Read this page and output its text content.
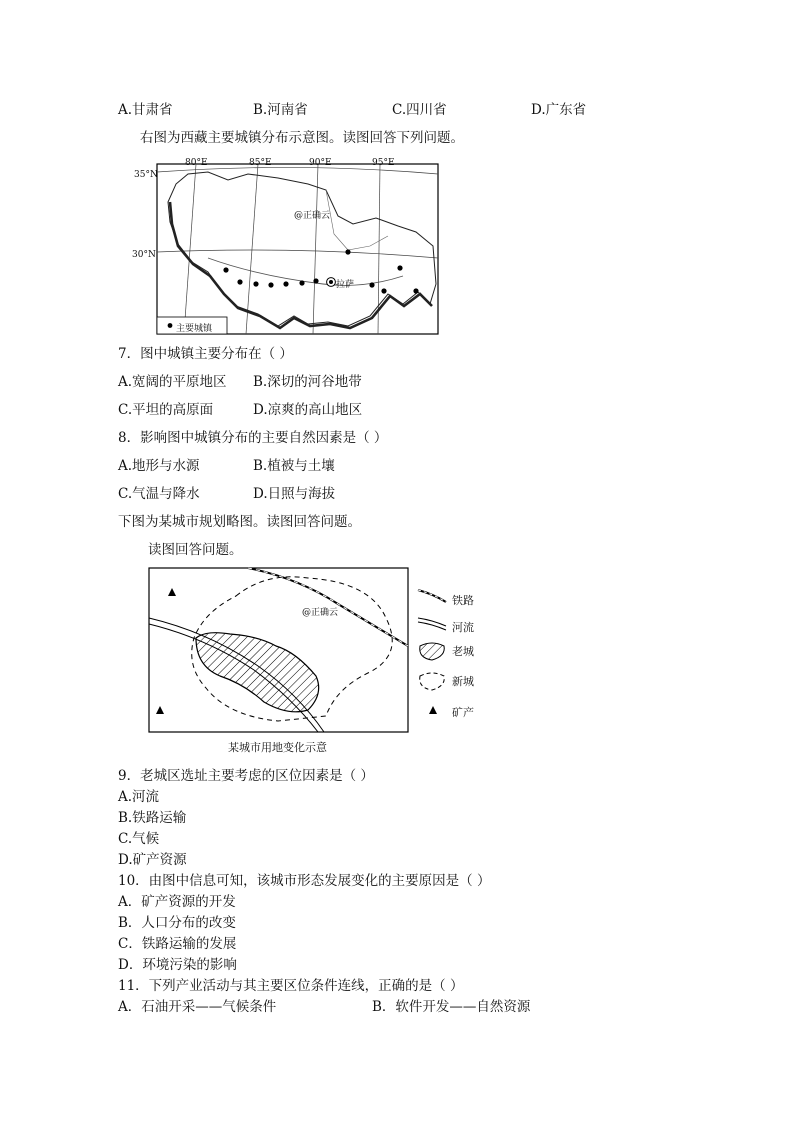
A.甘肃省	B.河南省	C.四川省	D.广东省
右图为西藏主要城镇分布示意图。读图回答下列问题。
80°E	85°E	90°E	95°E
35°N
30°N
@正确云
拉萨
主要城镇
7．图中城镇主要分布在（ ）
A.宽阔的平原地区 B.深切的河谷地带
C.平坦的高原面	D.凉爽的高山地区
8．影响图中城镇分布的主要自然因素是（ ）
A.地形与水源	B.植被与土壤
C.气温与降水	D.日照与海拔
下图为某城市规划略图。读图回答问题。
读图回答问题。
@正确云
铁路
河流
老城
新城
矿产
某城市用地变化示意
9．老城区选址主要考虑的区位因素是（ ）
A.河流
B.铁路运输
C.气候
D.矿产资源
10．由图中信息可知，该城市形态发展变化的主要原因是（ ）
A．矿产资源的开发
B．人口分布的改变
C．铁路运输的发展
D．环境污染的影响
11．下列产业活动与其主要区位条件连线，正确的是（ ）
A．石油开采——气候条件	B．软件开发——自然资源
